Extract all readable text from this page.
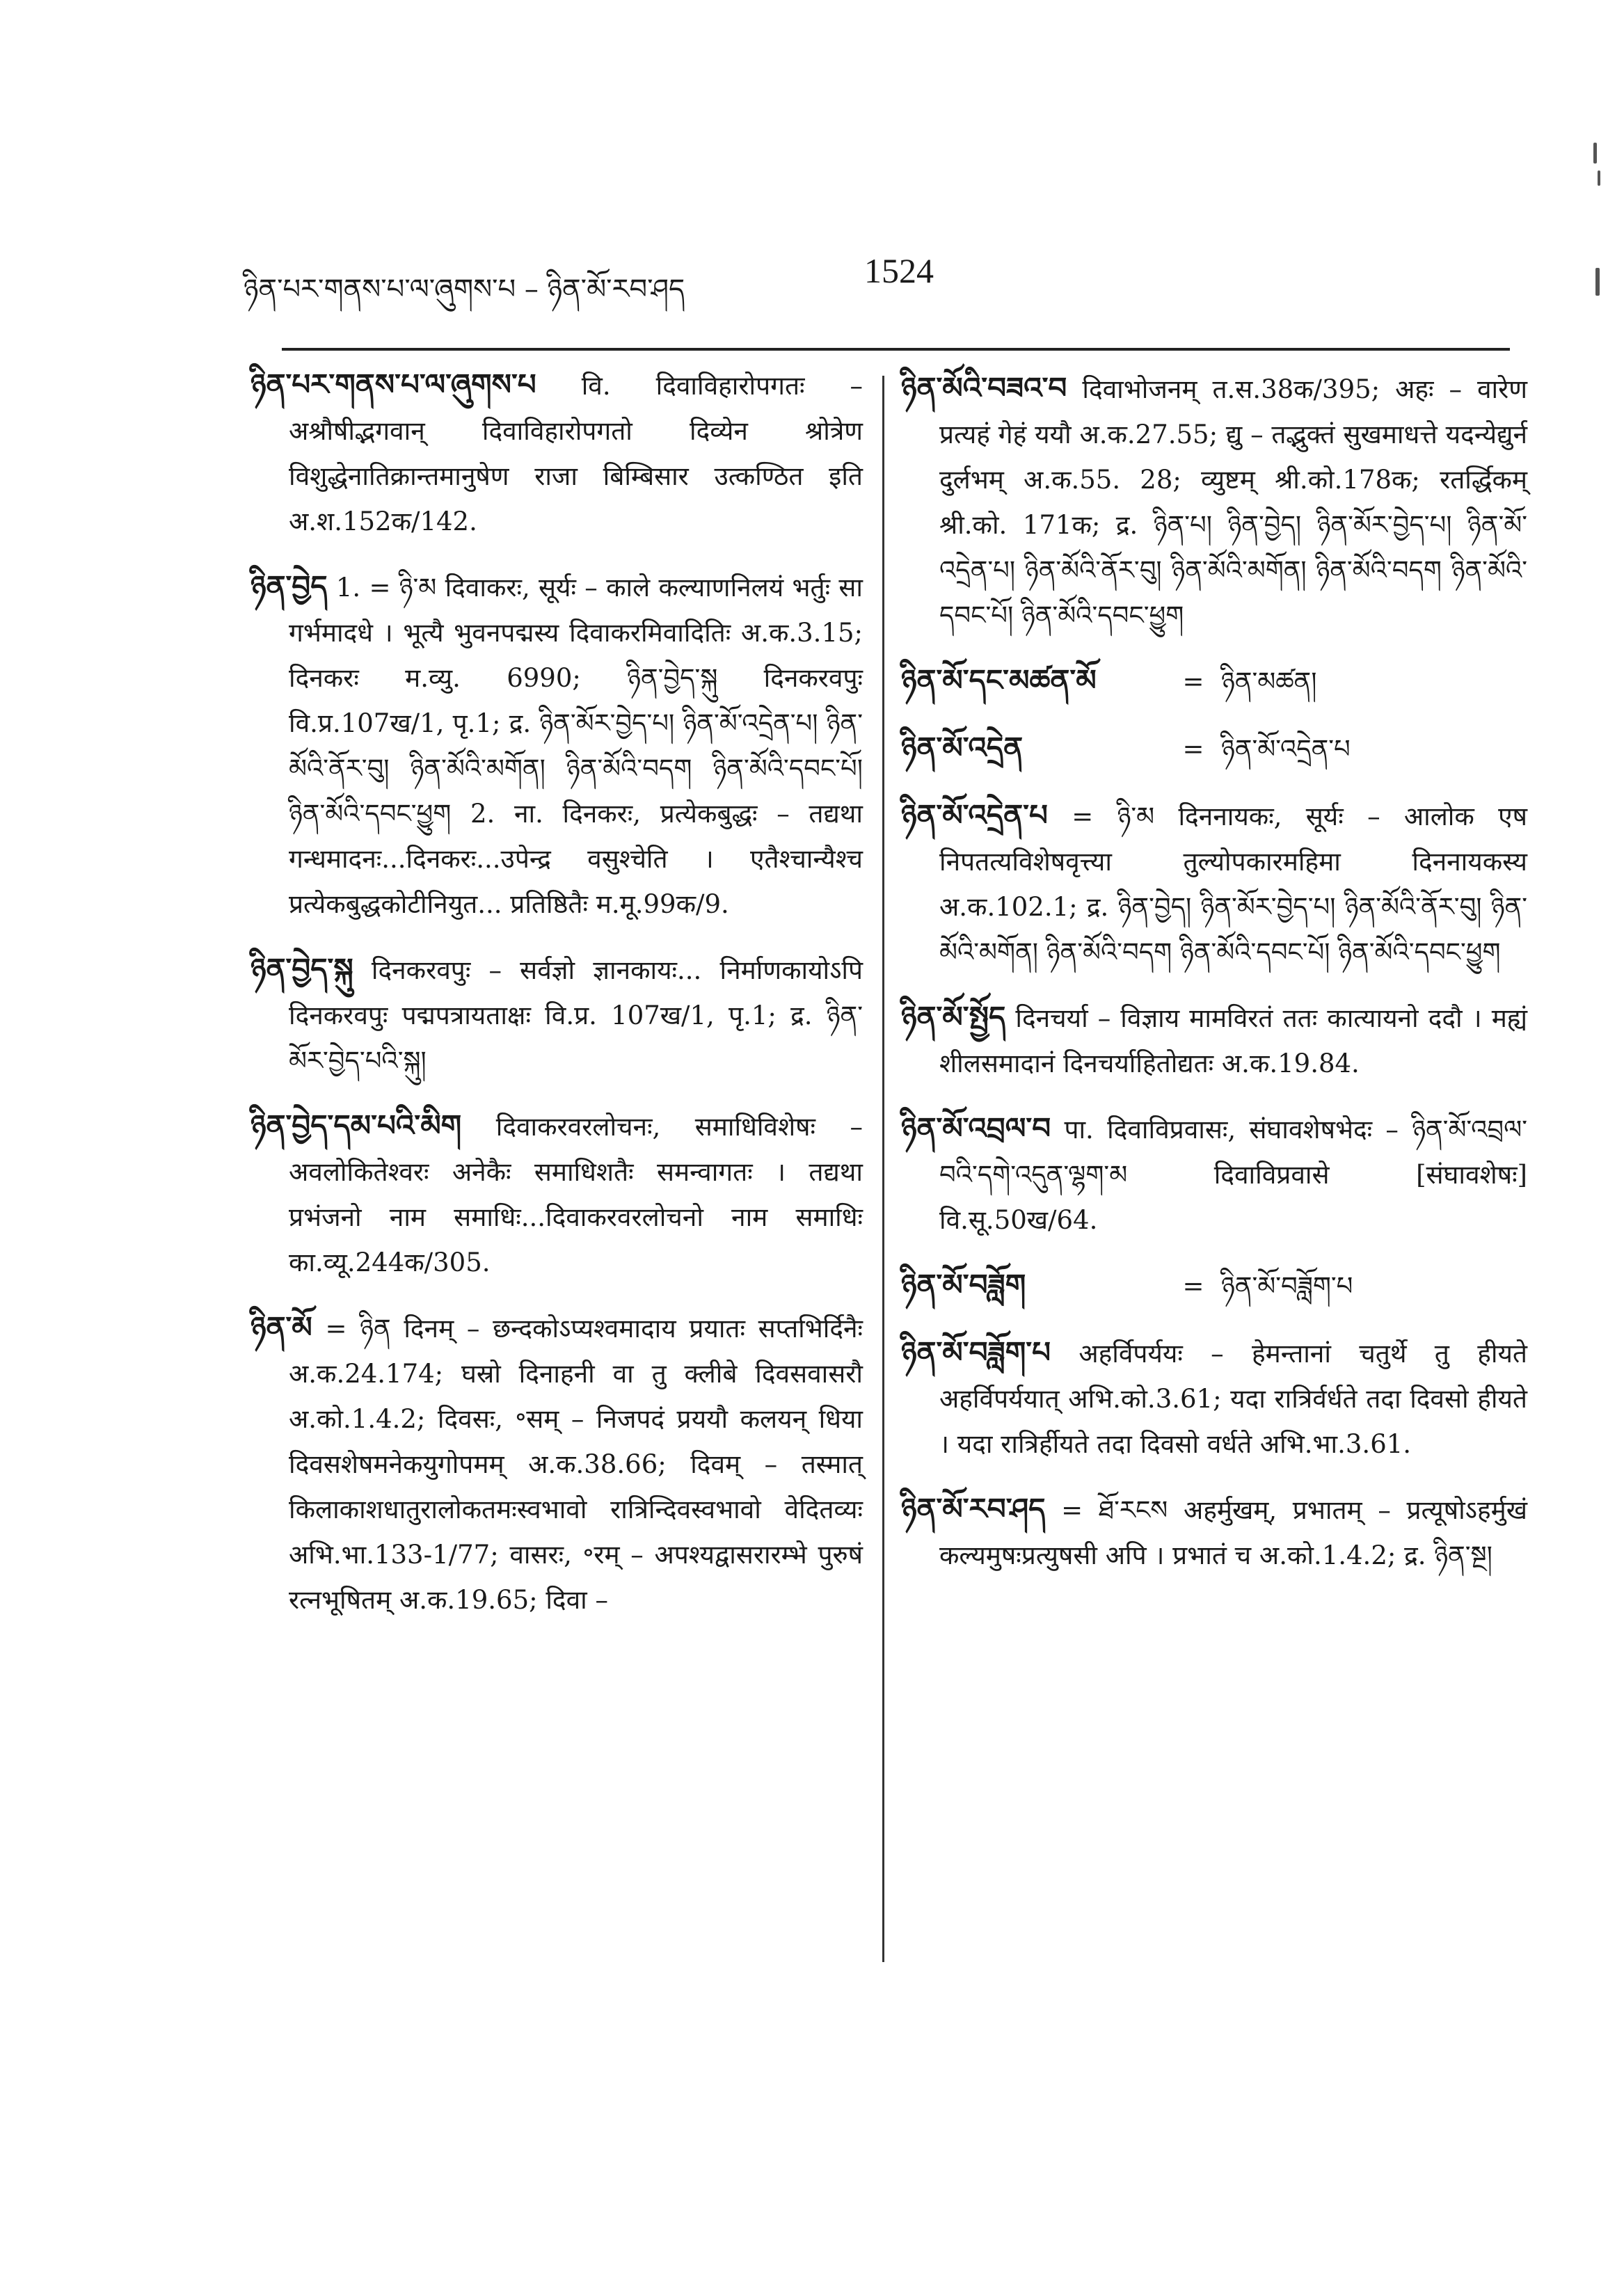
ཉིན་པར་གནས་པ་ལ་ཞུགས་པ – ཉིན་མོ་རབ་ཤད	1524

ཉིན་པར་གནས་པ་ལ་ཞུགས་པ वि. दिवाविहारोपगतः – अश्रौषीद्भगवान् दिवाविहारोपगतो दिव्येन श्रोत्रेण विशुद्धेनातिक्रान्तमानुषेण राजा बिम्बिसार उत्कण्ठित इति अ.श.152क/142.

ཉིན་བྱེད 1. = ཉི་མ दिवाकरः, सूर्यः – काले कल्याणनिलयं भर्तुः सा गर्भमादधे । भूत्यै भुवनपद्मस्य दिवाकरमिवादितिः अ.क.3.15; दिनकरः म.व्यु. 6990; ཉིན་བྱེད་སྐུ दिनकरवपुः वि.प्र.107ख/1, पृ.1; द्र. ཉིན་མོར་བྱེད་པ། ཉིན་མོ་འདྲེན་པ། ཉིན་མོའི་ནོར་བུ། ཉིན་མོའི་མགོན། ཉིན་མོའི་བདག ཉིན་མོའི་དབང་པོ། ཉིན་མོའི་དབང་ཕྱུག 2. ना. दिनकरः, प्रत्येकबुद्धः – तद्यथा गन्धमादनः...दिनकरः...उपेन्द्र वसुश्चेति । एतैश्चान्यैश्च प्रत्येकबुद्धकोटीनियुत... प्रतिष्ठितैः म.मू.99क/9.

ཉིན་བྱེད་སྐུ दिनकरवपुः – सर्वज्ञो ज्ञानकायः... निर्माणकायोऽपि दिनकरवपुः पद्मपत्रायताक्षः वि.प्र. 107ख/1, पृ.1; द्र. ཉིན་མོར་བྱེད་པའི་སྐུ།

ཉིན་བྱེད་དམ་པའི་མིག दिवाकरवरलोचनः, समाधिविशेषः – अवलोकितेश्वरः अनेकैः समाधिशतैः समन्वागतः । तद्यथा प्रभंजनो नाम समाधिः...दिवाकरवरलोचनो नाम समाधिः का.व्यू.244क/305.

ཉིན་མོ = ཉིན दिनम् – छन्दकोऽप्यश्वमादाय प्रयातः सप्तभिर्दिनैः अ.क.24.174; घस्रो दिनाहनी वा तु क्लीबे दिवसवासरौ अ.को.1.4.2; दिवसः, ॰सम् – निजपदं प्रययौ कलयन् धिया दिवसशेषमनेकयुगोपमम् अ.क.38.66; दिवम् – तस्मात् किलाकाशधातुरालोकतमःस्वभावो रात्रिन्दिवस्वभावो वेदितव्यः अभि.भा.133-1/77; वासरः, ॰रम् – अपश्यद्वासरारम्भे पुरुषं रत्नभूषितम् अ.क.19.65; दिवा –

ཉིན་མོའི་བཟའ་བ दिवाभोजनम् त.स.38क/395; अहः – वारेण प्रत्यहं गेहं ययौ अ.क.27.55; द्यु – तद्भुक्तं सुखमाधत्ते यदन्येद्युर्न दुर्लभम् अ.क.55. 28; व्युष्टम् श्री.को.178क; रतर्द्धिकम् श्री.को. 171क; द्र. ཉིན་པ། ཉིན་བྱེད། ཉིན་མོར་བྱེད་པ། ཉིན་མོ་འདྲེན་པ། ཉིན་མོའི་ནོར་བུ། ཉིན་མོའི་མགོན། ཉིན་མོའི་བདག ཉིན་མོའི་དབང་པོ། ཉིན་མོའི་དབང་ཕྱུག

ཉིན་མོ་དང་མཚན་མོ	= ཉིན་མཚན།
ཉིན་མོ་འདྲེན	= ཉིན་མོ་འདྲེན་པ

ཉིན་མོ་འདྲེན་པ = ཉི་མ दिननायकः, सूर्यः – आलोक एष निपतत्यविशेषवृत्त्या तुल्योपकारमहिमा दिननायकस्य अ.क.102.1; द्र. ཉིན་བྱེད། ཉིན་མོར་བྱེད་པ། ཉིན་མོའི་ནོར་བུ། ཉིན་མོའི་མགོན། ཉིན་མོའི་བདག ཉིན་མོའི་དབང་པོ། ཉིན་མོའི་དབང་ཕྱུག

ཉིན་མོ་སྤྱོད दिनचर्या – विज्ञाय मामविरतं ततः कात्यायनो ददौ । मह्यं शीलसमादानं दिनचर्याहितोद्यतः अ.क.19.84.

ཉིན་མོ་འབྲལ་བ पा. दिवाविप्रवासः, संघावशेषभेदः – ཉིན་མོ་འབྲལ་བའི་དགེ་འདུན་ལྷག་མ दिवाविप्रवासे [संघावशेषः] वि.सू.50ख/64.

ཉིན་མོ་བཟློག	= ཉིན་མོ་བཟློག་པ

ཉིན་མོ་བཟློག་པ अहर्विपर्ययः – हेमन्तानां चतुर्थे तु हीयते अहर्विपर्ययात् अभि.को.3.61; यदा रात्रिर्वर्धते तदा दिवसो हीयते । यदा रात्रिर्हीयते तदा दिवसो वर्धते अभि.भा.3.61.

ཉིན་མོ་རབ་ཤད = ཐོ་རངས अहर्मुखम्, प्रभातम् – प्रत्यूषोऽहर्मुखं कल्यमुषःप्रत्युषसी अपि । प्रभातं च अ.को.1.4.2; द्र. ཉིན་སྔ།
